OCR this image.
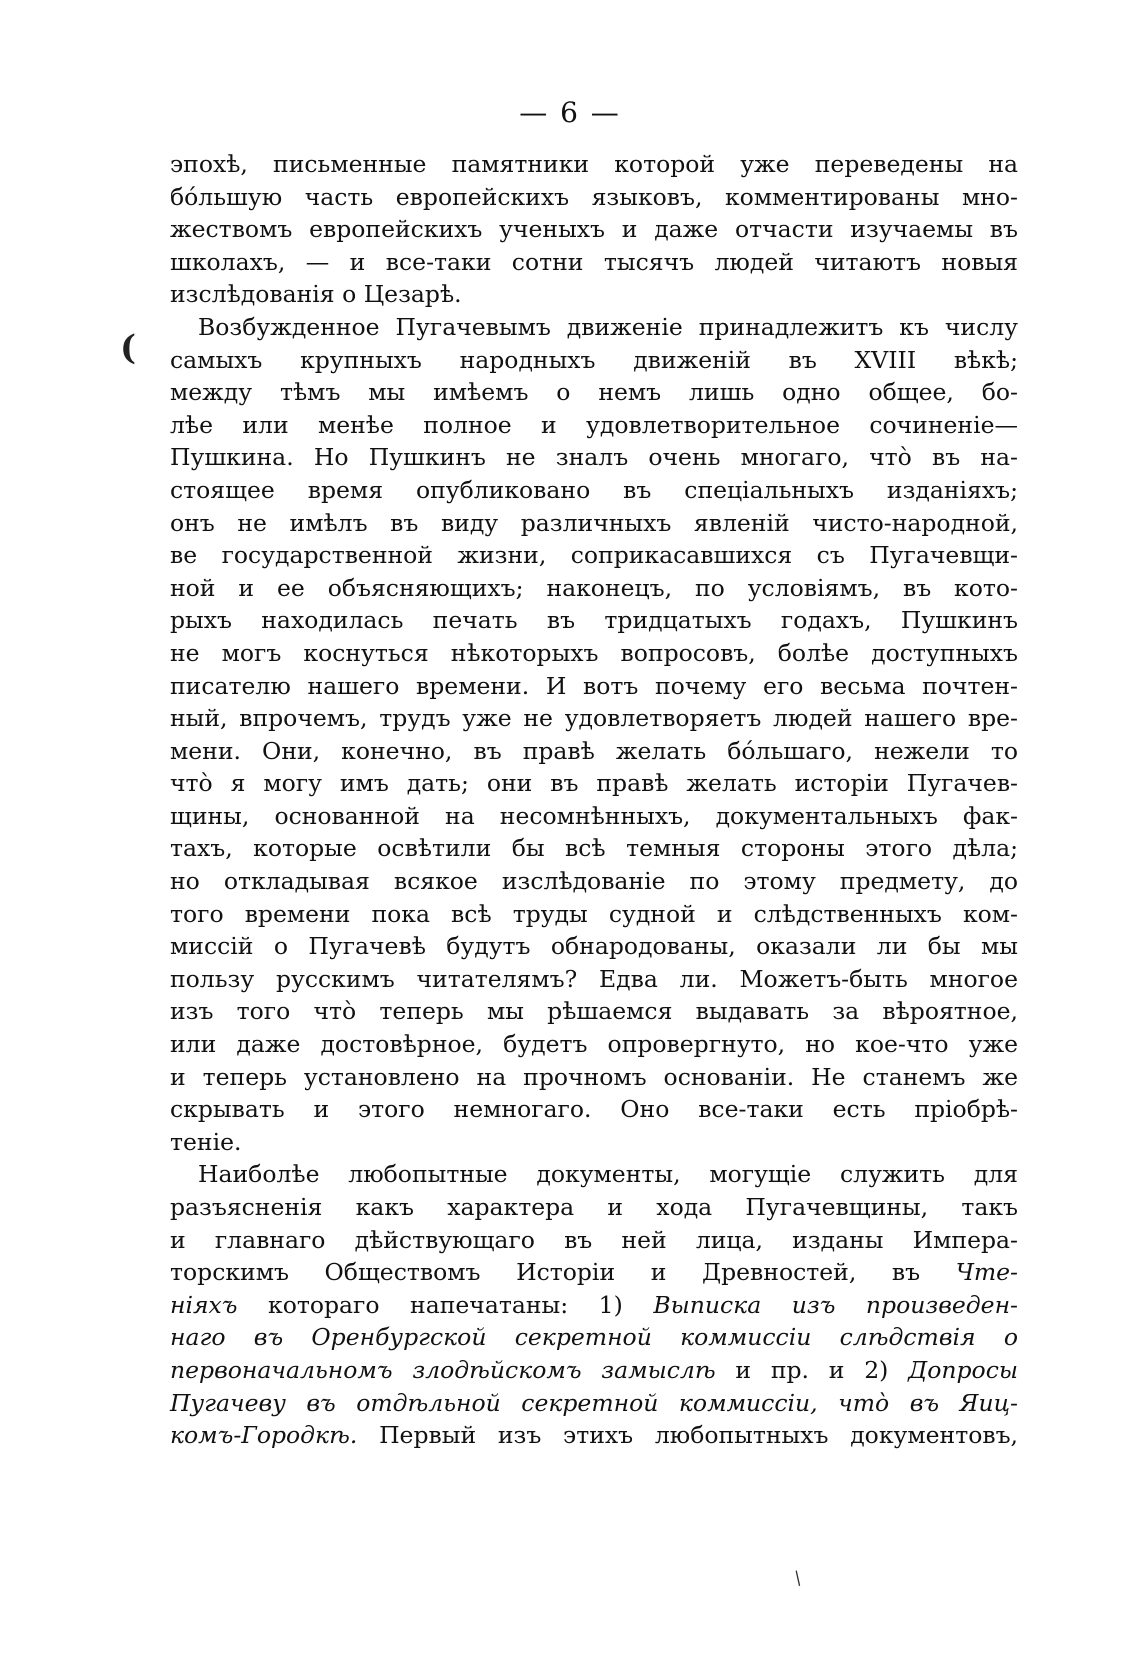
— 6 —
(
эпохѣ, письменные памятники которой уже переведены на
бо́льшую часть европейскихъ языковъ, комментированы мно-
жествомъ европейскихъ ученыхъ и даже отчасти изучаемы въ
школахъ, — и все-таки сотни тысячъ людей читаютъ новыя
изслѣдованія о Цезарѣ.
Возбужденное Пугачевымъ движеніе принадлежитъ къ числу
самыхъ крупныхъ народныхъ движеній въ XVIII вѣкѣ;
между тѣмъ мы имѣемъ о немъ лишь одно общее, бо-
лѣе или менѣе полное и удовлетворительное сочиненіе—
Пушкина. Но Пушкинъ не зналъ очень многаго, что̀ въ на-
стоящее время опубликовано въ спеціальныхъ изданіяхъ;
онъ не имѣлъ въ виду различныхъ явленій чисто-народной,
ве государственной жизни, соприкасавшихся съ Пугачевщи-
ной и ее объясняющихъ; наконецъ, по условіямъ, въ кото-
рыхъ находилась печать въ тридцатыхъ годахъ, Пушкинъ
не могъ коснуться нѣкоторыхъ вопросовъ, болѣе доступныхъ
писателю нашего времени. И вотъ почему его весьма почтен-
ный, впрочемъ, трудъ уже не удовлетворяетъ людей нашего вре-
мени. Они, конечно, въ правѣ желать бо́льшаго, нежели то
что̀ я могу имъ дать; они въ правѣ желать исторіи Пугачев-
щины, основанной на несомнѣнныхъ, документальныхъ фак-
тахъ, которые освѣтили бы всѣ темныя стороны этого дѣла;
но откладывая всякое изслѣдованіе по этому предмету, до
того времени пока всѣ труды судной и слѣдственныхъ ком-
миссій о Пугачевѣ будутъ обнародованы, оказали ли бы мы
пользу русскимъ читателямъ? Едва ли. Можетъ-быть многое
изъ того что̀ теперь мы рѣшаемся выдавать за вѣроятное,
или даже достовѣрное, будетъ опровергнуто, но кое-что уже
и теперь установлено на прочномъ основаніи. Не станемъ же
скрывать и этого немногаго. Оно все-таки есть пріобрѣ-
теніе.
Наиболѣе любопытные документы, могущіе служить для
разъясненія какъ характера и хода Пугачевщины, такъ
и главнаго дѣйствующаго въ ней лица, изданы Импера-
торскимъ Обществомъ Исторіи и Древностей, въ Чте-
ніяхъ котораго напечатаны: 1) Выписка изъ произведен-
наго въ Оренбургской секретной коммиссіи слѣдствія о
первоначальномъ злодѣйскомъ замыслѣ и пр. и 2) Допросы
Пугачеву въ отдѣльной секретной коммиссіи, что̀ въ Яиц-
комъ-Городкѣ. Первый изъ этихъ любопытныхъ документовъ,
/
